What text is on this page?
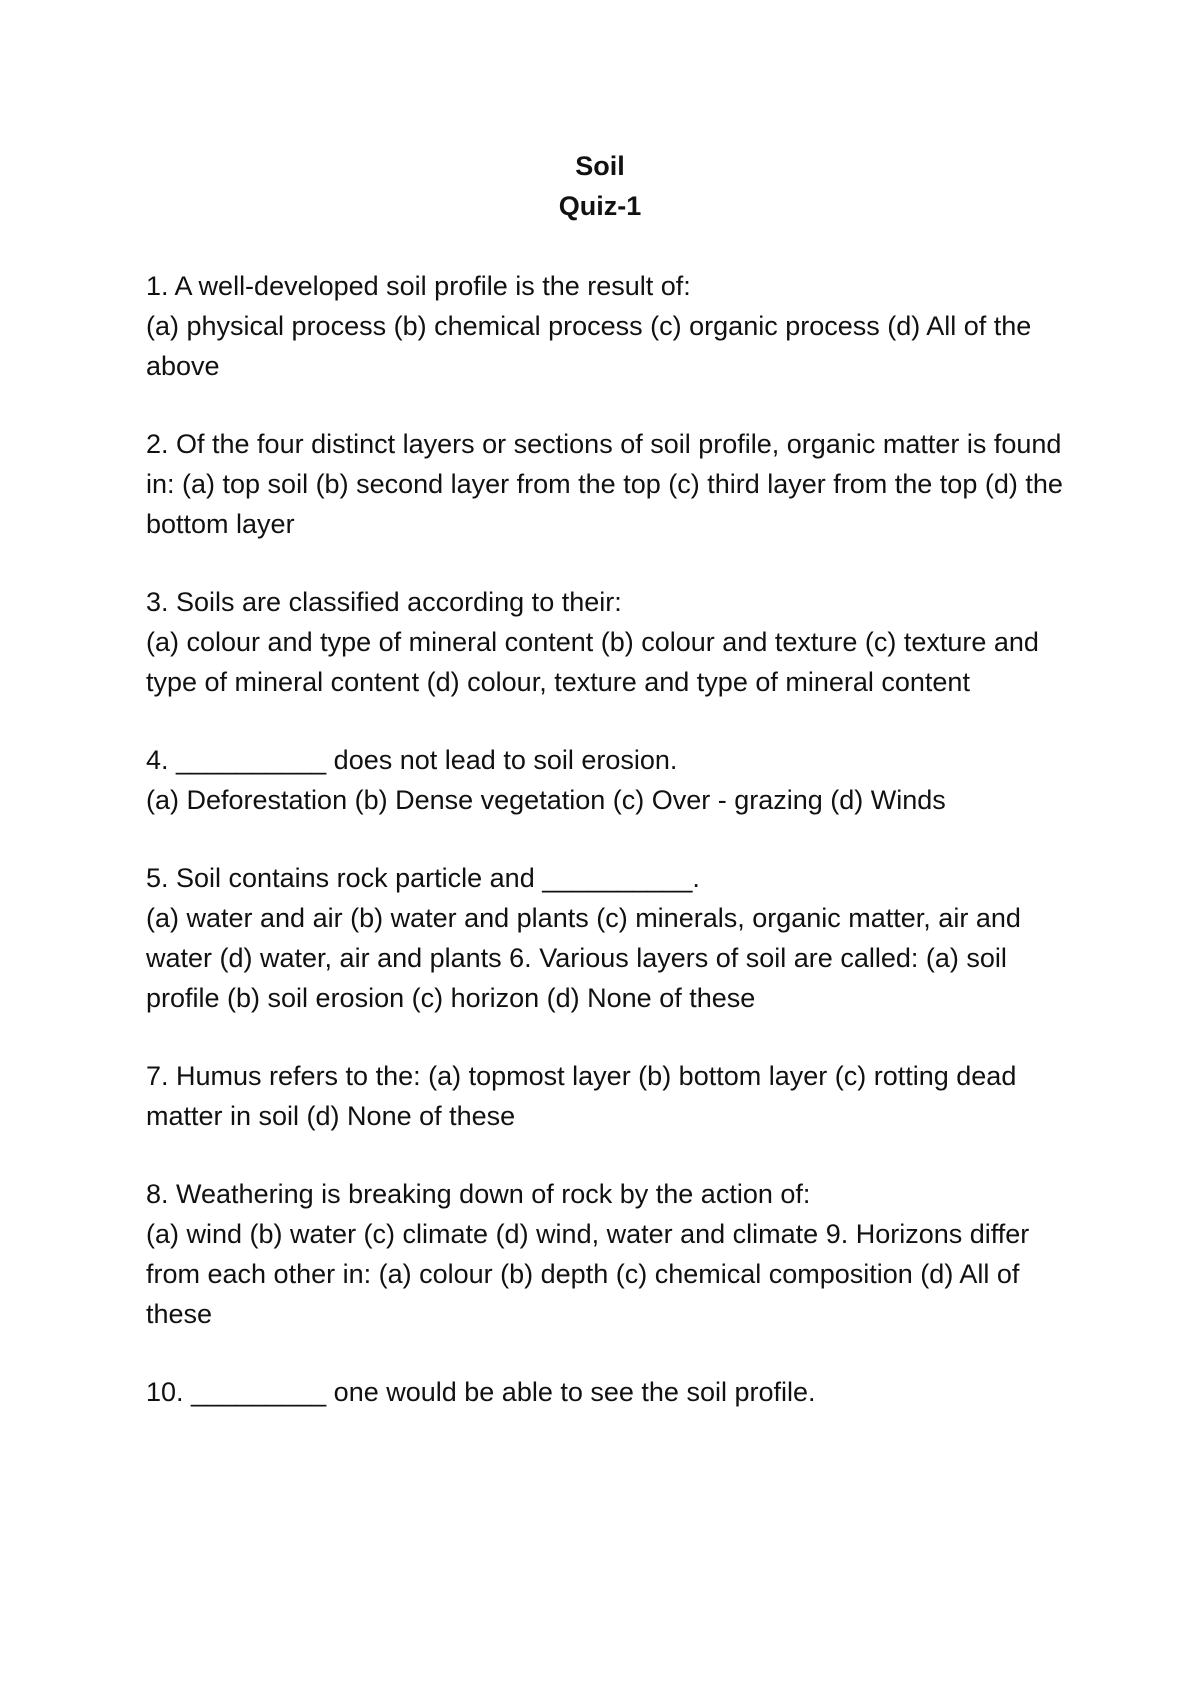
Soil
Quiz-1

1. A well-developed soil profile is the result of:

(a) physical process (b) chemical process (c) organic process (d) All of the above

2. Of the four distinct layers or sections of soil profile, organic matter is found in: (a) top soil (b) second layer from the top (c) third layer from the top (d) the bottom layer

3. Soils are classified according to their:

(a) colour and type of mineral content (b) colour and texture (c) texture and type of mineral content (d) colour, texture and type of mineral content

4. __________ does not lead to soil erosion.

(a) Deforestation (b) Dense vegetation (c) Over - grazing (d) Winds

5. Soil contains rock particle and __________.

(a) water and air (b) water and plants (c) minerals, organic matter, air and water (d) water, air and plants 6. Various layers of soil are called: (a) soil profile (b) soil erosion (c) horizon (d) None of these

7. Humus refers to the: (a) topmost layer (b) bottom layer (c) rotting dead matter in soil (d) None of these

8. Weathering is breaking down of rock by the action of:

(a) wind (b) water (c) climate (d) wind, water and climate 9. Horizons differ from each other in: (a) colour (b) depth (c) chemical composition (d) All of these

10. _________ one would be able to see the soil profile.
